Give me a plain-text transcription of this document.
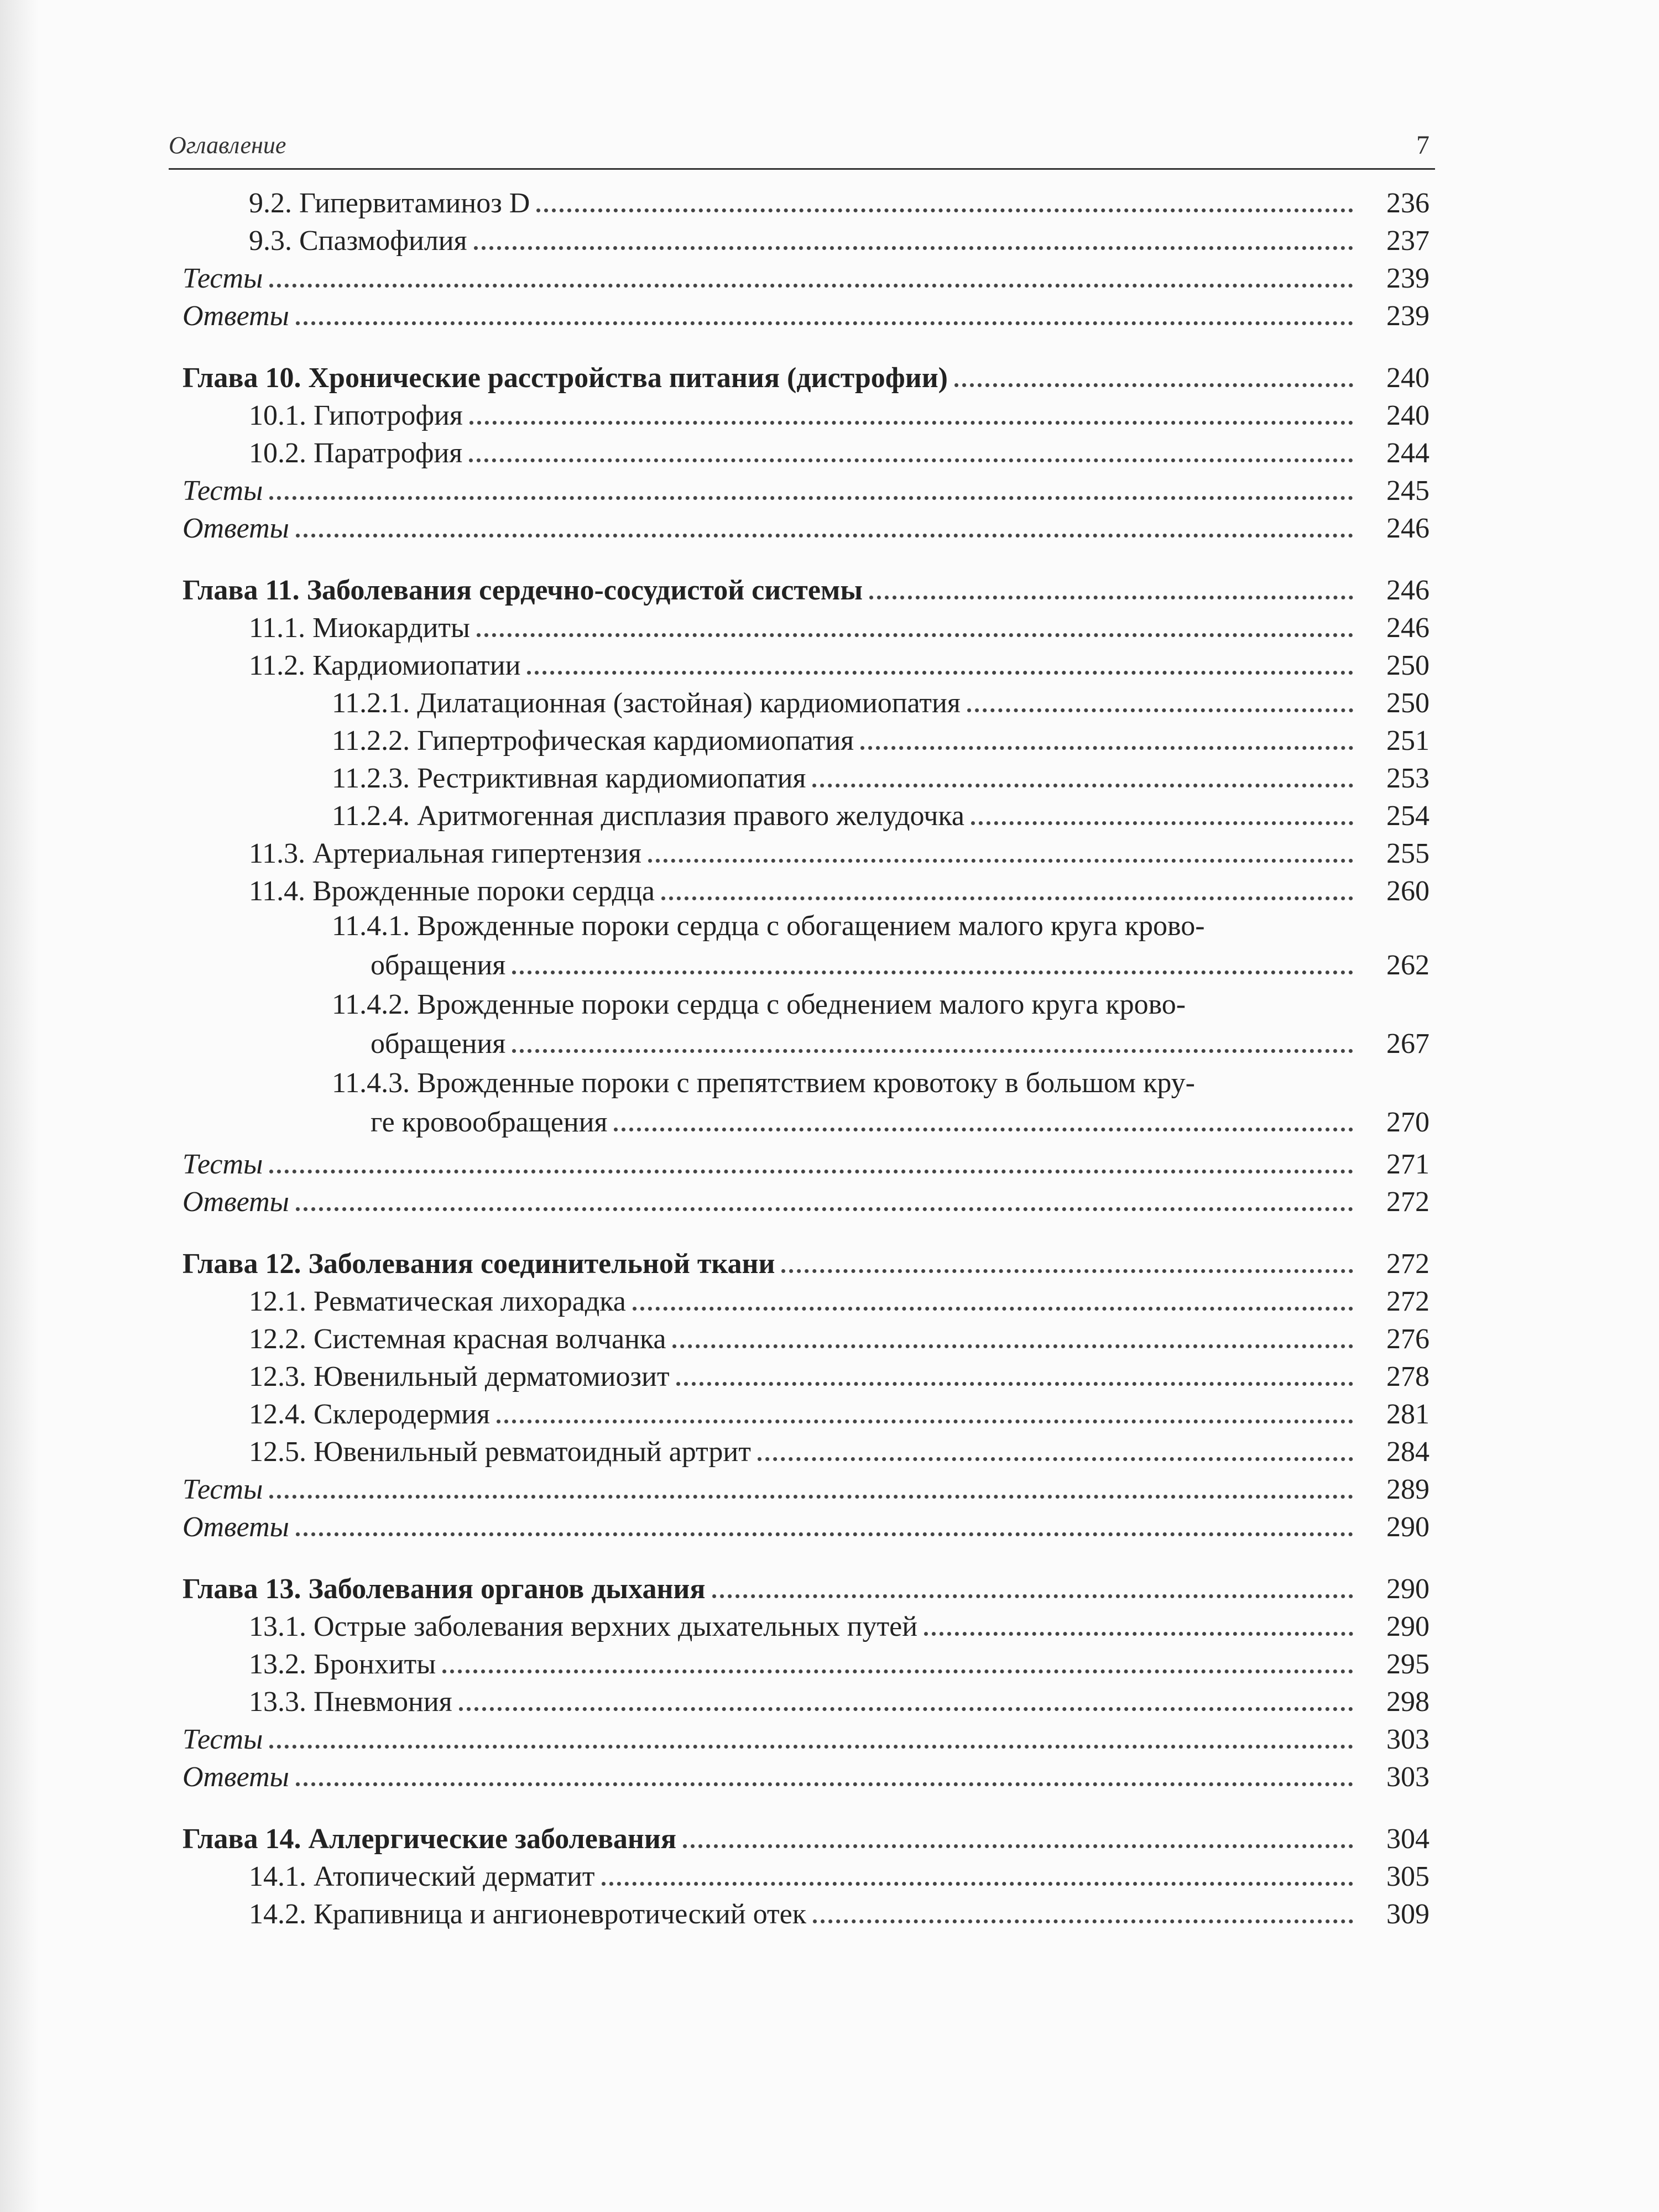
Оглавление	7
9.2. Гипервитаминоз D	236
9.3. Спазмофилия	237
Тесты	239
Ответы	239
Глава 10. Хронические расстройства питания (дистрофии)	240
10.1. Гипотрофия	240
10.2. Паратрофия	244
Тесты	245
Ответы	246
Глава 11. Заболевания сердечно-сосудистой системы	246
11.1. Миокардиты	246
11.2. Кардиомиопатии	250
11.2.1. Дилатационная (застойная) кардиомиопатия	250
11.2.2. Гипертрофическая кардиомиопатия	251
11.2.3. Рестриктивная кардиомиопатия	253
11.2.4. Аритмогенная дисплазия правого желудочка	254
11.3. Артериальная гипертензия	255
11.4. Врожденные пороки сердца	260
11.4.1. Врожденные пороки сердца с обогащением малого круга крово-
обращения	262
11.4.2. Врожденные пороки сердца с обеднением малого круга крово-
обращения	267
11.4.3. Врожденные пороки с препятствием кровотоку в большом кру-
ге кровообращения	270
Тесты	271
Ответы	272
Глава 12. Заболевания соединительной ткани	272
12.1. Ревматическая лихорадка	272
12.2. Системная красная волчанка	276
12.3. Ювенильный дерматомиозит	278
12.4. Склеродермия	281
12.5. Ювенильный ревматоидный артрит	284
Тесты	289
Ответы	290
Глава 13. Заболевания органов дыхания	290
13.1. Острые заболевания верхних дыхательных путей	290
13.2. Бронхиты	295
13.3. Пневмония	298
Тесты	303
Ответы	303
Глава 14. Аллергические заболевания	304
14.1. Атопический дерматит	305
14.2. Крапивница и ангионевротический отек	309
